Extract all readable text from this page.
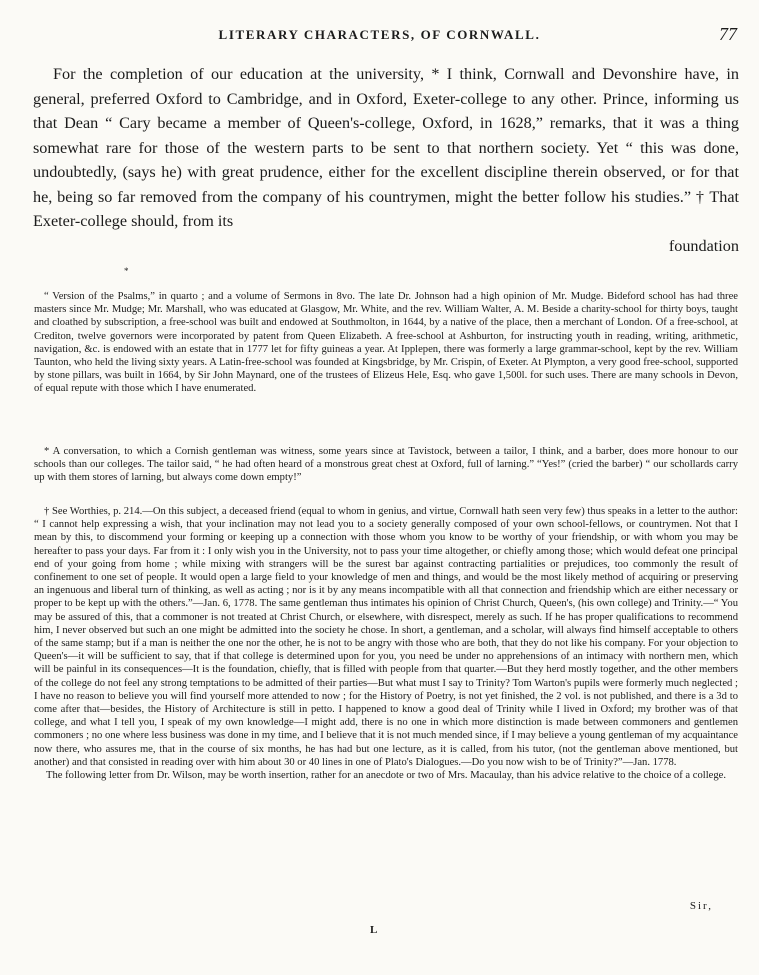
LITERARY CHARACTERS, OF CORNWALL.	77
For the completion of our education at the university, * I think, Cornwall and Devonshire have, in general, preferred Oxford to Cambridge, and in Oxford, Exeter-college to any other. Prince, informing us that Dean “ Cary became a member of Queen's-college, Oxford, in 1628,” remarks, that it was a thing somewhat rare for those of the western parts to be sent to that northern society. Yet “ this was done, undoubtedly, (says he) with great prudence, either for the excellent discipline therein observed, or for that he, being so far removed from the company of his countrymen, might the better follow his studies.” † That Exeter-college should, from its
foundation
*

“ Version of the Psalms,” in quarto ; and a volume of Sermons in 8vo. The late Dr. Johnson had a high opinion of Mr. Mudge. Bideford school has had three masters since Mr. Mudge; Mr. Marshall, who was educated at Glasgow, Mr. White, and the rev. William Walter, A. M. Beside a charity-school for thirty boys, taught and cloathed by subscription, a free-school was built and endowed at Southmolton, in 1644, by a native of the place, then a merchant of London. Of a free-school, at Crediton, twelve governors were incorporated by patent from Queen Elizabeth. A free-school at Ashburton, for instructing youth in reading, writing, arithmetic, navigation, &c. is endowed with an estate that in 1777 let for fifty guineas a year. At Ipplepen, there was formerly a large grammar-school, kept by the rev. William Taunton, who held the living sixty years. A Latin-free-school was founded at Kingsbridge, by Mr. Crispin, of Exeter. At Plympton, a very good free-school, supported by stone pillars, was built in 1664, by Sir John Maynard, one of the trustees of Elizeus Hele, Esq. who gave 1,500l. for such uses. There are many schools in Devon, of equal repute with those which I have enumerated.

* A conversation, to which a Cornish gentleman was witness, some years since at Tavistock, between a tailor, I think, and a barber, does more honour to our schools than our colleges. The tailor said, “ he had often heard of a monstrous great chest at Oxford, full of larning.” “Yes!” (cried the barber) “ our schollards carry up with them stores of larning, but always come down empty!”

† See Worthies, p. 214.—On this subject, a deceased friend (equal to whom in genius, and virtue, Cornwall hath seen very few) thus speaks in a letter to the author: “ I cannot help expressing a wish, that your inclination may not lead you to a society generally composed of your own school-fellows, or countrymen. Not that I mean by this, to discommend your forming or keeping up a connection with those whom you know to be worthy of your friendship, or with whom you may be hereafter to pass your days. Far from it : I only wish you in the University, not to pass your time altogether, or chiefly among those; which would defeat one principal end of your going from home ; while mixing with strangers will be the surest bar against contracting partialities or prejudices, too commonly the result of confinement to one set of people. It would open a large field to your knowledge of men and things, and would be the most likely method of acquiring or preserving an ingenuous and liberal turn of thinking, as well as acting ; nor is it by any means incompatible with all that connection and friendship which are either necessary or proper to be kept up with the others.”—Jan. 6, 1778. The same gentleman thus intimates his opinion of Christ Church, Queen's, (his own college) and Trinity.—“ You may be assured of this, that a commoner is not treated at Christ Church, or elsewhere, with disrespect, merely as such. If he has proper qualifications to recommend him, I never observed but such an one might be admitted into the society he chose. In short, a gentleman, and a scholar, will always find himself acceptable to others of the same stamp; but if a man is neither the one nor the other, he is not to be angry with those who are both, that they do not like his company. For your objection to Queen's—it will be sufficient to say, that if that college is determined upon for you, you need be under no apprehensions of an intimacy with northern men, which will be painful in its consequences—It is the foundation, chiefly, that is filled with people from that quarter.—But they herd mostly together, and the other members of the college do not feel any strong temptations to be admitted of their parties—But what must I say to Trinity? Tom Warton's pupils were formerly much neglected ; I have no reason to believe you will find yourself more attended to now ; for the History of Poetry, is not yet finished, the 2 vol. is not published, and there is a 3d to come after that—besides, the History of Architecture is still in petto. I happened to know a good deal of Trinity while I lived in Oxford; my brother was of that college, and what I tell you, I speak of my own knowledge—I might add, there is no one in which more distinction is made between commoners and gentlemen commoners ; no one where less business was done in my time, and I believe that it is not much mended since, if I may believe a young gentleman of my acquaintance now there, who assures me, that in the course of six months, he has had but one lecture, as it is called, from his tutor, (not the gentleman above mentioned, but another) and that consisted in reading over with him about 30 or 40 lines in one of Plato's Dialogues.—Do you now wish to be of Trinity?”—Jan. 1778.

The following letter from Dr. Wilson, may be worth insertion, rather for an anecdote or two of Mrs. Macaulay, than his advice relative to the choice of a college.

Sir,
L
